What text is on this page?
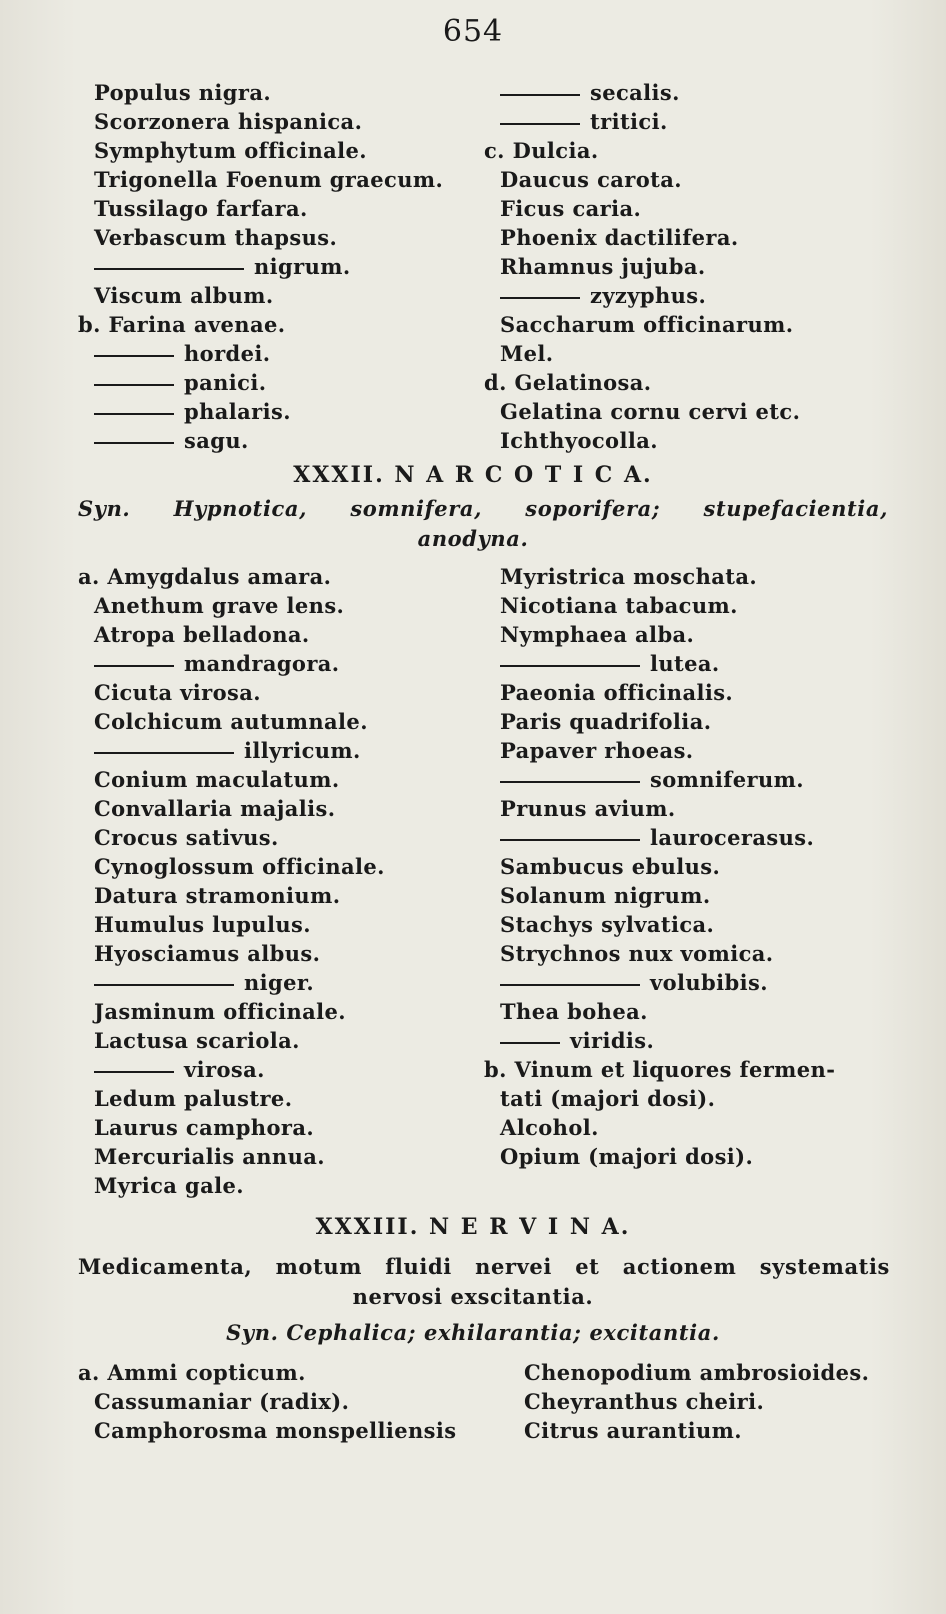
654
Populus nigra.
Scorzonera hispanica.
Symphytum officinale.
Trigonella Foenum graecum.
Tussilago farfara.
Verbascum thapsus.
nigrum.
Viscum album.
b. Farina avenae.
hordei.
panici.
phalaris.
sagu.
secalis.
tritici.
c. Dulcia.
Daucus carota.
Ficus caria.
Phoenix dactilifera.
Rhamnus jujuba.
zyzyphus.
Saccharum officinarum.
Mel.
d. Gelatinosa.
Gelatina cornu cervi etc.
Ichthyocolla.
XXXII. N A R C O T I C A.
Syn. Hypnotica, somnifera, soporifera; stupefacientia,
anodyna.
a. Amygdalus amara.
Anethum grave lens.
Atropa belladona.
mandragora.
Cicuta virosa.
Colchicum autumnale.
illyricum.
Conium maculatum.
Convallaria majalis.
Crocus sativus.
Cynoglossum officinale.
Datura stramonium.
Humulus lupulus.
Hyosciamus albus.
niger.
Jasminum officinale.
Lactusa scariola.
virosa.
Ledum palustre.
Laurus camphora.
Mercurialis annua.
Myrica gale.
Myristrica moschata.
Nicotiana tabacum.
Nymphaea alba.
lutea.
Paeonia officinalis.
Paris quadrifolia.
Papaver rhoeas.
somniferum.
Prunus avium.
laurocerasus.
Sambucus ebulus.
Solanum nigrum.
Stachys sylvatica.
Strychnos nux vomica.
volubibis.
Thea bohea.
viridis.
b. Vinum et liquores fermen-
tati (majori dosi).
Alcohol.
Opium (majori dosi).
XXXIII. N E R V I N A.
Medicamenta, motum fluidi nervei et actionem systematis
nervosi exscitantia.
Syn. Cephalica; exhilarantia; excitantia.
a. Ammi copticum.
Cassumaniar (radix).
Camphorosma monspelliensis
Chenopodium ambrosioides.
Cheyranthus cheiri.
Citrus aurantium.
